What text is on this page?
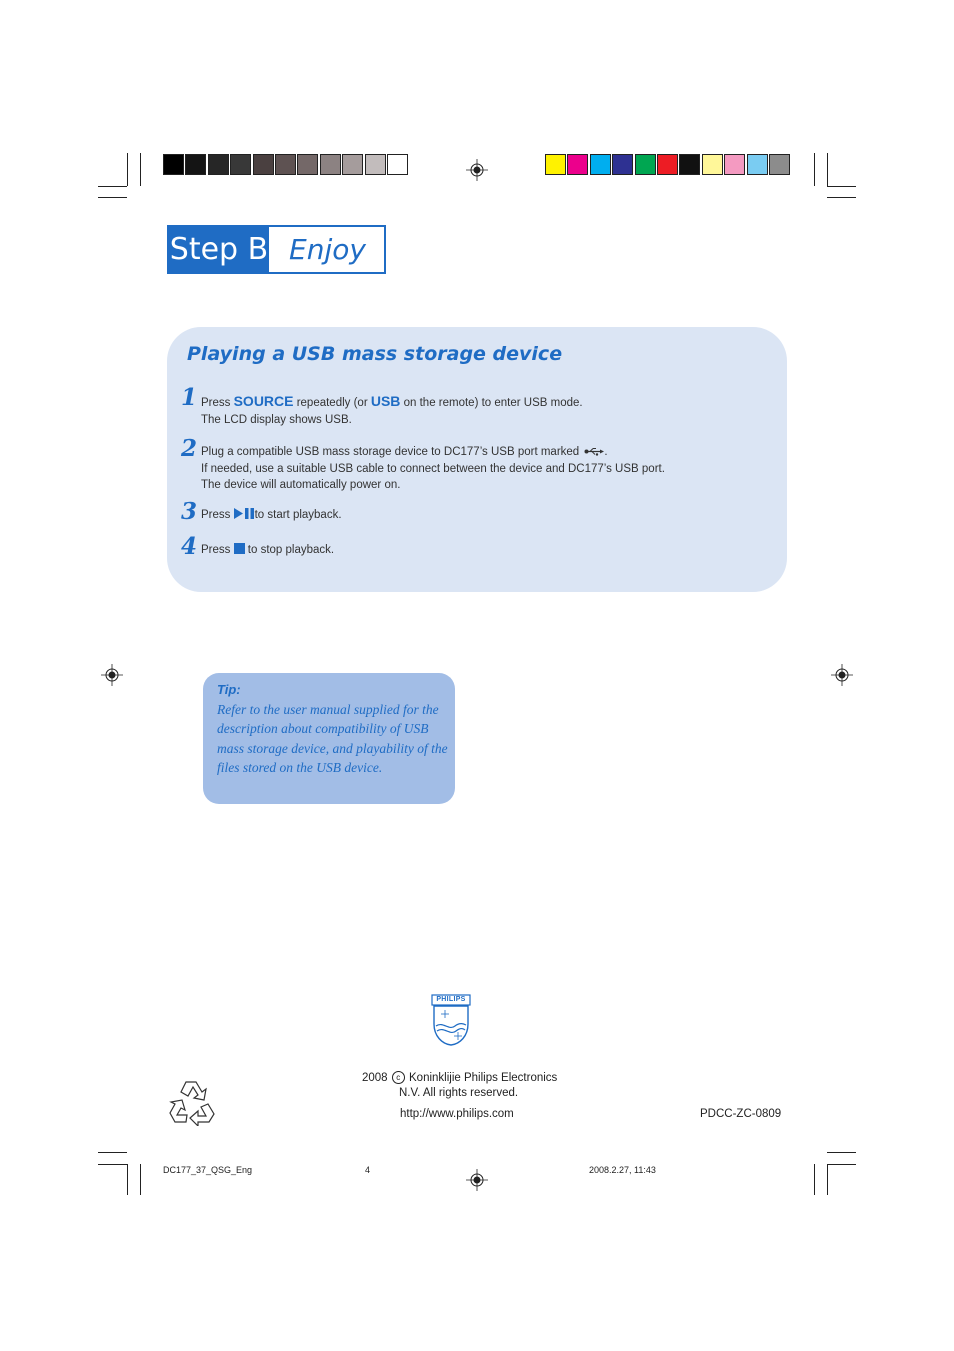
Step B Enjoy
Playing a USB mass storage device
1 Press SOURCE repeatedly (or USB on the remote) to enter USB mode.
The LCD display shows USB.
2 Plug a compatible USB mass storage device to DC177’s USB port marked .
If needed, use a suitable USB cable to connect between the device and DC177’s USB port.
The device will automatically power on.
3 Press to start playback.
4 Press  to stop playback.
Tip:
Refer to the user manual supplied for the description about compatibility of USB mass storage device, and playability of the files stored on the USB device.
PHILIPS
2008 c Koninklijie Philips Electronics
N.V. All rights reserved.
http://www.philips.com	PDCC-ZC-0809
DC177_37_QSG_Eng	4	2008.2.27, 11:43
